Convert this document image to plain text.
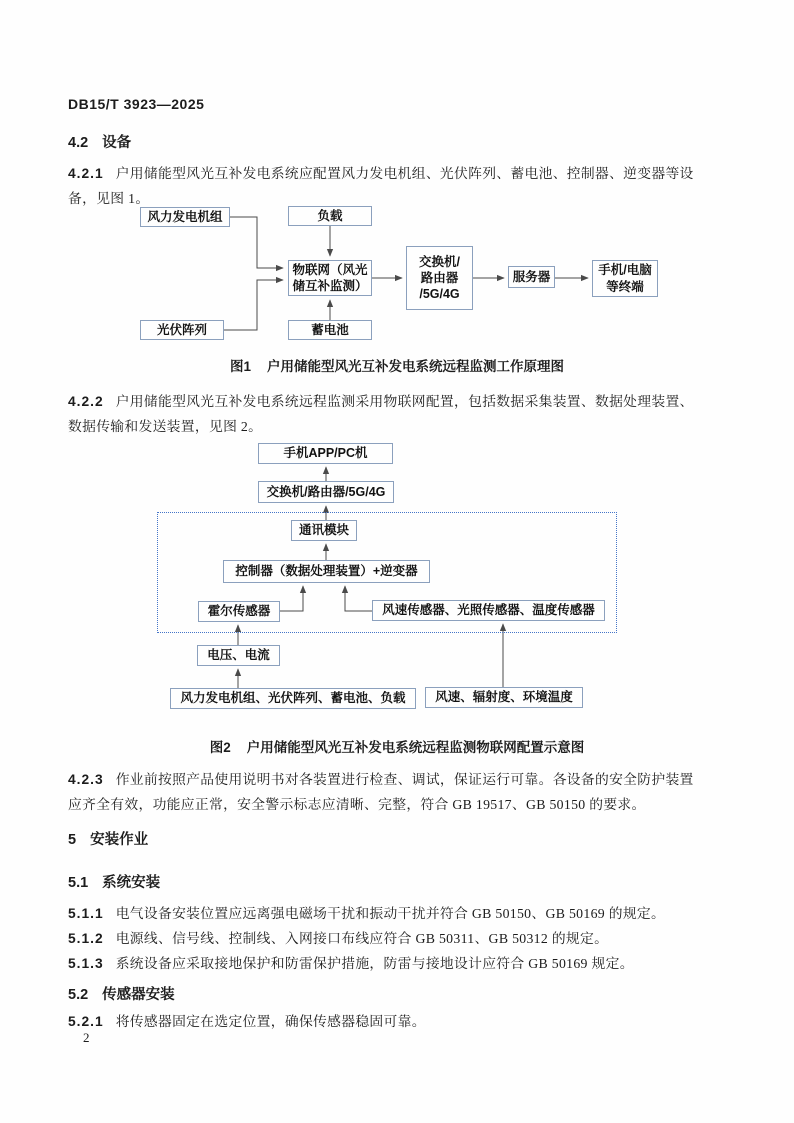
DB15/T 3923—2025
4.2 设备
4.2.1 户用储能型风光互补发电系统应配置风力发电机组、光伏阵列、蓄电池、控制器、逆变器等设
备，见图 1。
风力发电机组	负载
物联网（风光
储互补监测）
蓄电池
光伏阵列
交换机/
路由器
/5G/4G
服务器	手机/电脑
等终端
图1 户用储能型风光互补发电系统远程监测工作原理图
4.2.2 户用储能型风光互补发电系统远程监测采用物联网配置，包括数据采集装置、数据处理装置、
数据传输和发送装置，见图 2。
手机APP/PC机
交换机/路由器/5G/4G
通讯模块
控制器（数据处理装置）+逆变器
霍尔传感器	风速传感器、光照传感器、温度传感器
电压、电流
风力发电机组、光伏阵列、蓄电池、负载	风速、辐射度、环境温度
图2 户用储能型风光互补发电系统远程监测物联网配置示意图
4.2.3 作业前按照产品使用说明书对各装置进行检查、调试，保证运行可靠。各设备的安全防护装置
应齐全有效，功能应正常，安全警示标志应清晰、完整，符合 GB 19517、GB 50150 的要求。
5 安装作业
5.1 系统安装
5.1.1 电气设备安装位置应远离强电磁场干扰和振动干扰并符合 GB 50150、GB 50169 的规定。
5.1.2 电源线、信号线、控制线、入网接口布线应符合 GB 50311、GB 50312 的规定。
5.1.3 系统设备应采取接地保护和防雷保护措施，防雷与接地设计应符合 GB 50169 规定。
5.2 传感器安装
5.2.1 将传感器固定在选定位置，确保传感器稳固可靠。
2
